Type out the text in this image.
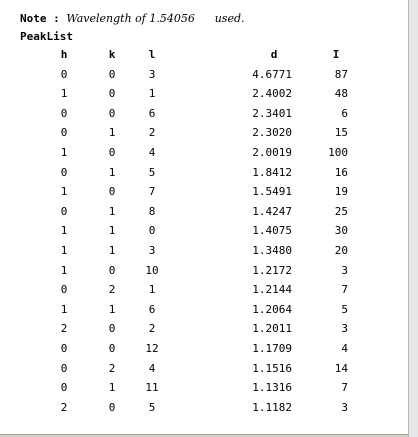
Note : Wavelength of 1.54056 used.
PeakList
h	k	l	d	I
0	0	3	4.6771	87
1	0	1	2.4002	48
0	0	6	2.3401	6
0	1	2	2.3020	15
1	0	4	2.0019	100
0	1	5	1.8412	16
1	0	7	1.5491	19
0	1	8	1.4247	25
1	1	0	1.4075	30
1	1	3	1.3480	20
1	0	10	1.2172	3
0	2	1	1.2144	7
1	1	6	1.2064	5
2	0	2	1.2011	3
0	0	12	1.1709	4
0	2	4	1.1516	14
0	1	11	1.1316	7
2	0	5	1.1182	3
